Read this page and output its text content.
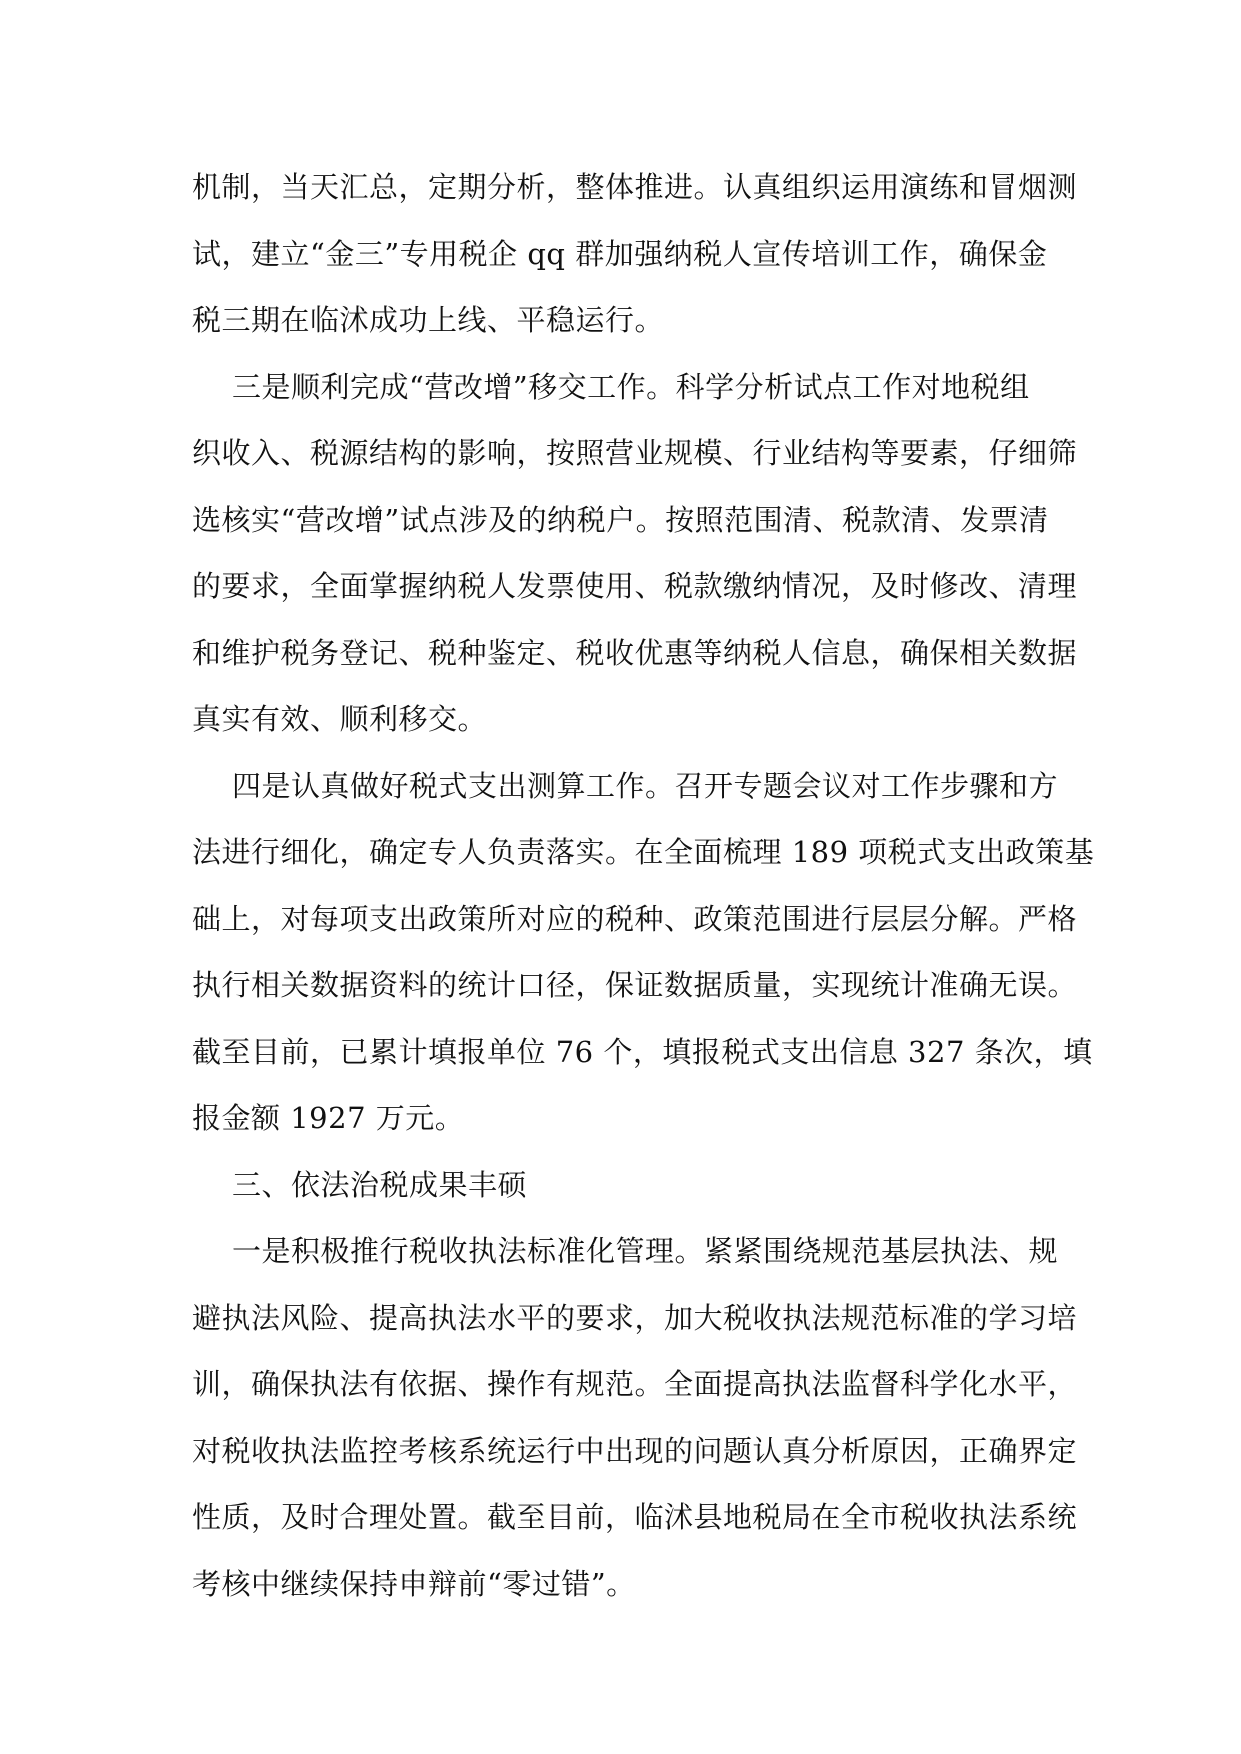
机制，当天汇总，定期分析，整体推进。认真组织运用演练和冒烟测
试，建立“金三”专用税企 qq 群加强纳税人宣传培训工作，确保金
税三期在临沭成功上线、平稳运行。
三是顺利完成“营改增”移交工作。科学分析试点工作对地税组
织收入、税源结构的影响，按照营业规模、行业结构等要素，仔细筛
选核实“营改增”试点涉及的纳税户。按照范围清、税款清、发票清
的要求，全面掌握纳税人发票使用、税款缴纳情况，及时修改、清理
和维护税务登记、税种鉴定、税收优惠等纳税人信息，确保相关数据
真实有效、顺利移交。
四是认真做好税式支出测算工作。召开专题会议对工作步骤和方
法进行细化，确定专人负责落实。在全面梳理 189 项税式支出政策基
础上，对每项支出政策所对应的税种、政策范围进行层层分解。严格
执行相关数据资料的统计口径，保证数据质量，实现统计准确无误。
截至目前，已累计填报单位 76 个，填报税式支出信息 327 条次，填
报金额 1927 万元。
三、依法治税成果丰硕
一是积极推行税收执法标准化管理。紧紧围绕规范基层执法、规
避执法风险、提高执法水平的要求，加大税收执法规范标准的学习培
训，确保执法有依据、操作有规范。全面提高执法监督科学化水平，
对税收执法监控考核系统运行中出现的问题认真分析原因，正确界定
性质，及时合理处置。截至目前，临沭县地税局在全市税收执法系统
考核中继续保持申辩前“零过错”。
